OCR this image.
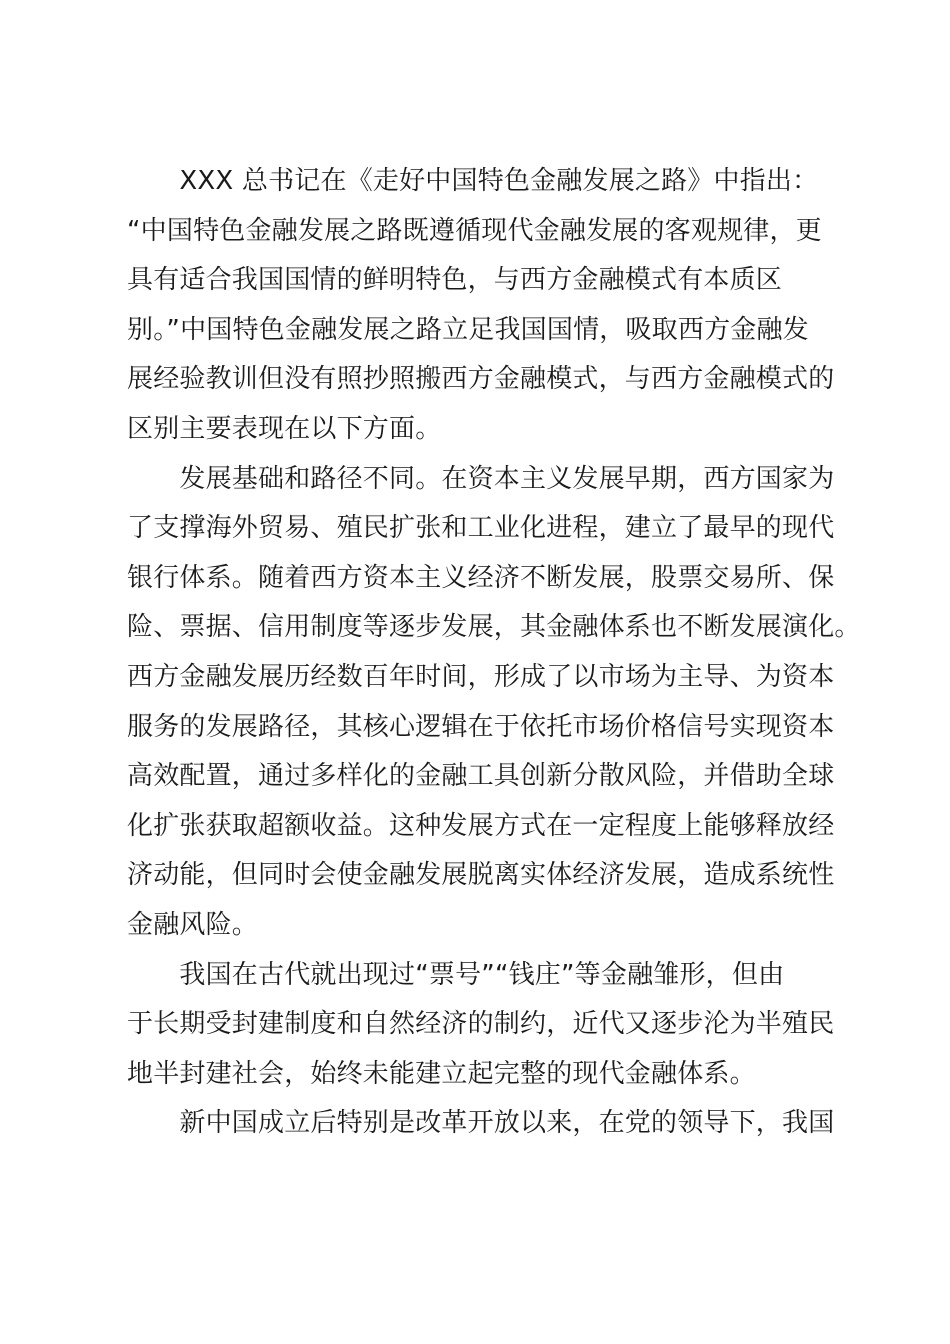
　　XXX 总书记在《走好中国特色金融发展之路》中指出：
“中国特色金融发展之路既遵循现代金融发展的客观规律，更
具有适合我国国情的鲜明特色，与西方金融模式有本质区
别。”中国特色金融发展之路立足我国国情，吸取西方金融发
展经验教训但没有照抄照搬西方金融模式，与西方金融模式的
区别主要表现在以下方面。
　　发展基础和路径不同。在资本主义发展早期，西方国家为
了支撑海外贸易、殖民扩张和工业化进程，建立了最早的现代
银行体系。随着西方资本主义经济不断发展，股票交易所、保
险、票据、信用制度等逐步发展，其金融体系也不断发展演化。
西方金融发展历经数百年时间，形成了以市场为主导、为资本
服务的发展路径，其核心逻辑在于依托市场价格信号实现资本
高效配置，通过多样化的金融工具创新分散风险，并借助全球
化扩张获取超额收益。这种发展方式在一定程度上能够释放经
济动能，但同时会使金融发展脱离实体经济发展，造成系统性
金融风险。
　　我国在古代就出现过“票号”“钱庄”等金融雏形，但由
于长期受封建制度和自然经济的制约，近代又逐步沦为半殖民
地半封建社会，始终未能建立起完整的现代金融体系。
　　新中国成立后特别是改革开放以来，在党的领导下，我国
